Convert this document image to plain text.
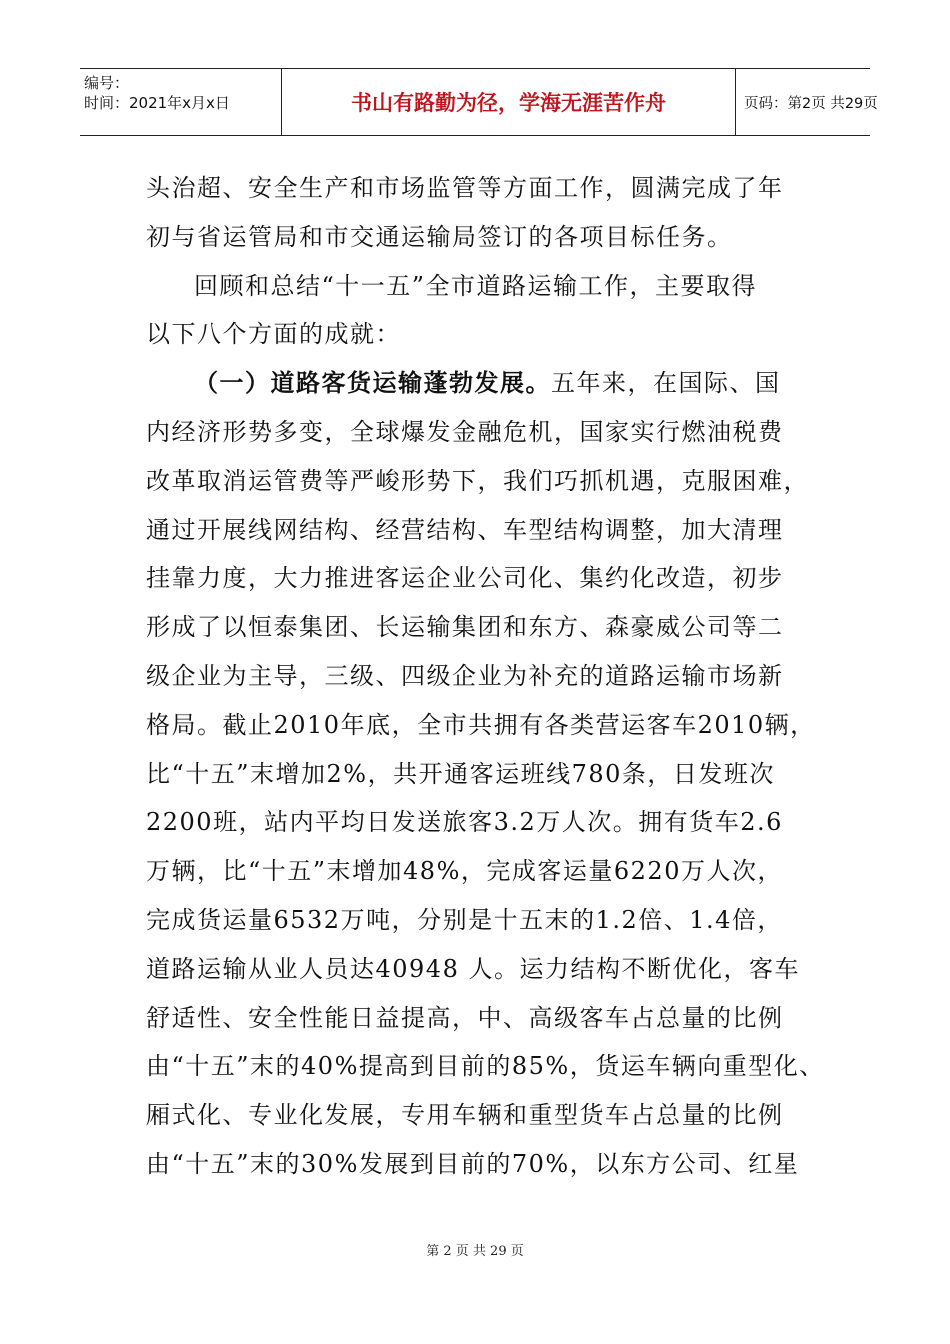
编号：
时间：2021年x月x日	书山有路勤为径，学海无涯苦作舟	页码：第2页 共29页
头治超、安全生产和市场监管等方面工作，圆满完成了年
初与省运管局和市交通运输局签订的各项目标任务。
回顾和总结“十一五”全市道路运输工作，主要取得
以下八个方面的成就：
（一）道路客货运输蓬勃发展。五年来，在国际、国
内经济形势多变，全球爆发金融危机，国家实行燃油税费
改革取消运管费等严峻形势下，我们巧抓机遇，克服困难，
通过开展线网结构、经营结构、车型结构调整，加大清理
挂靠力度，大力推进客运企业公司化、集约化改造，初步
形成了以恒泰集团、长运输集团和东方、森豪威公司等二
级企业为主导，三级、四级企业为补充的道路运输市场新
格局。截止2010年底，全市共拥有各类营运客车2010辆，
比“十五”末增加2%，共开通客运班线780条，日发班次
2200班，站内平均日发送旅客3.2万人次。拥有货车2.6
万辆，比“十五”末增加48%，完成客运量6220万人次，
完成货运量6532万吨，分别是十五末的1.2倍、1.4倍，
道路运输从业人员达40948 人。运力结构不断优化，客车
舒适性、安全性能日益提高，中、高级客车占总量的比例
由“十五”末的40%提高到目前的85%，货运车辆向重型化、
厢式化、专业化发展，专用车辆和重型货车占总量的比例
由“十五”末的30%发展到目前的70%，以东方公司、红星
第 2 页 共 29 页
